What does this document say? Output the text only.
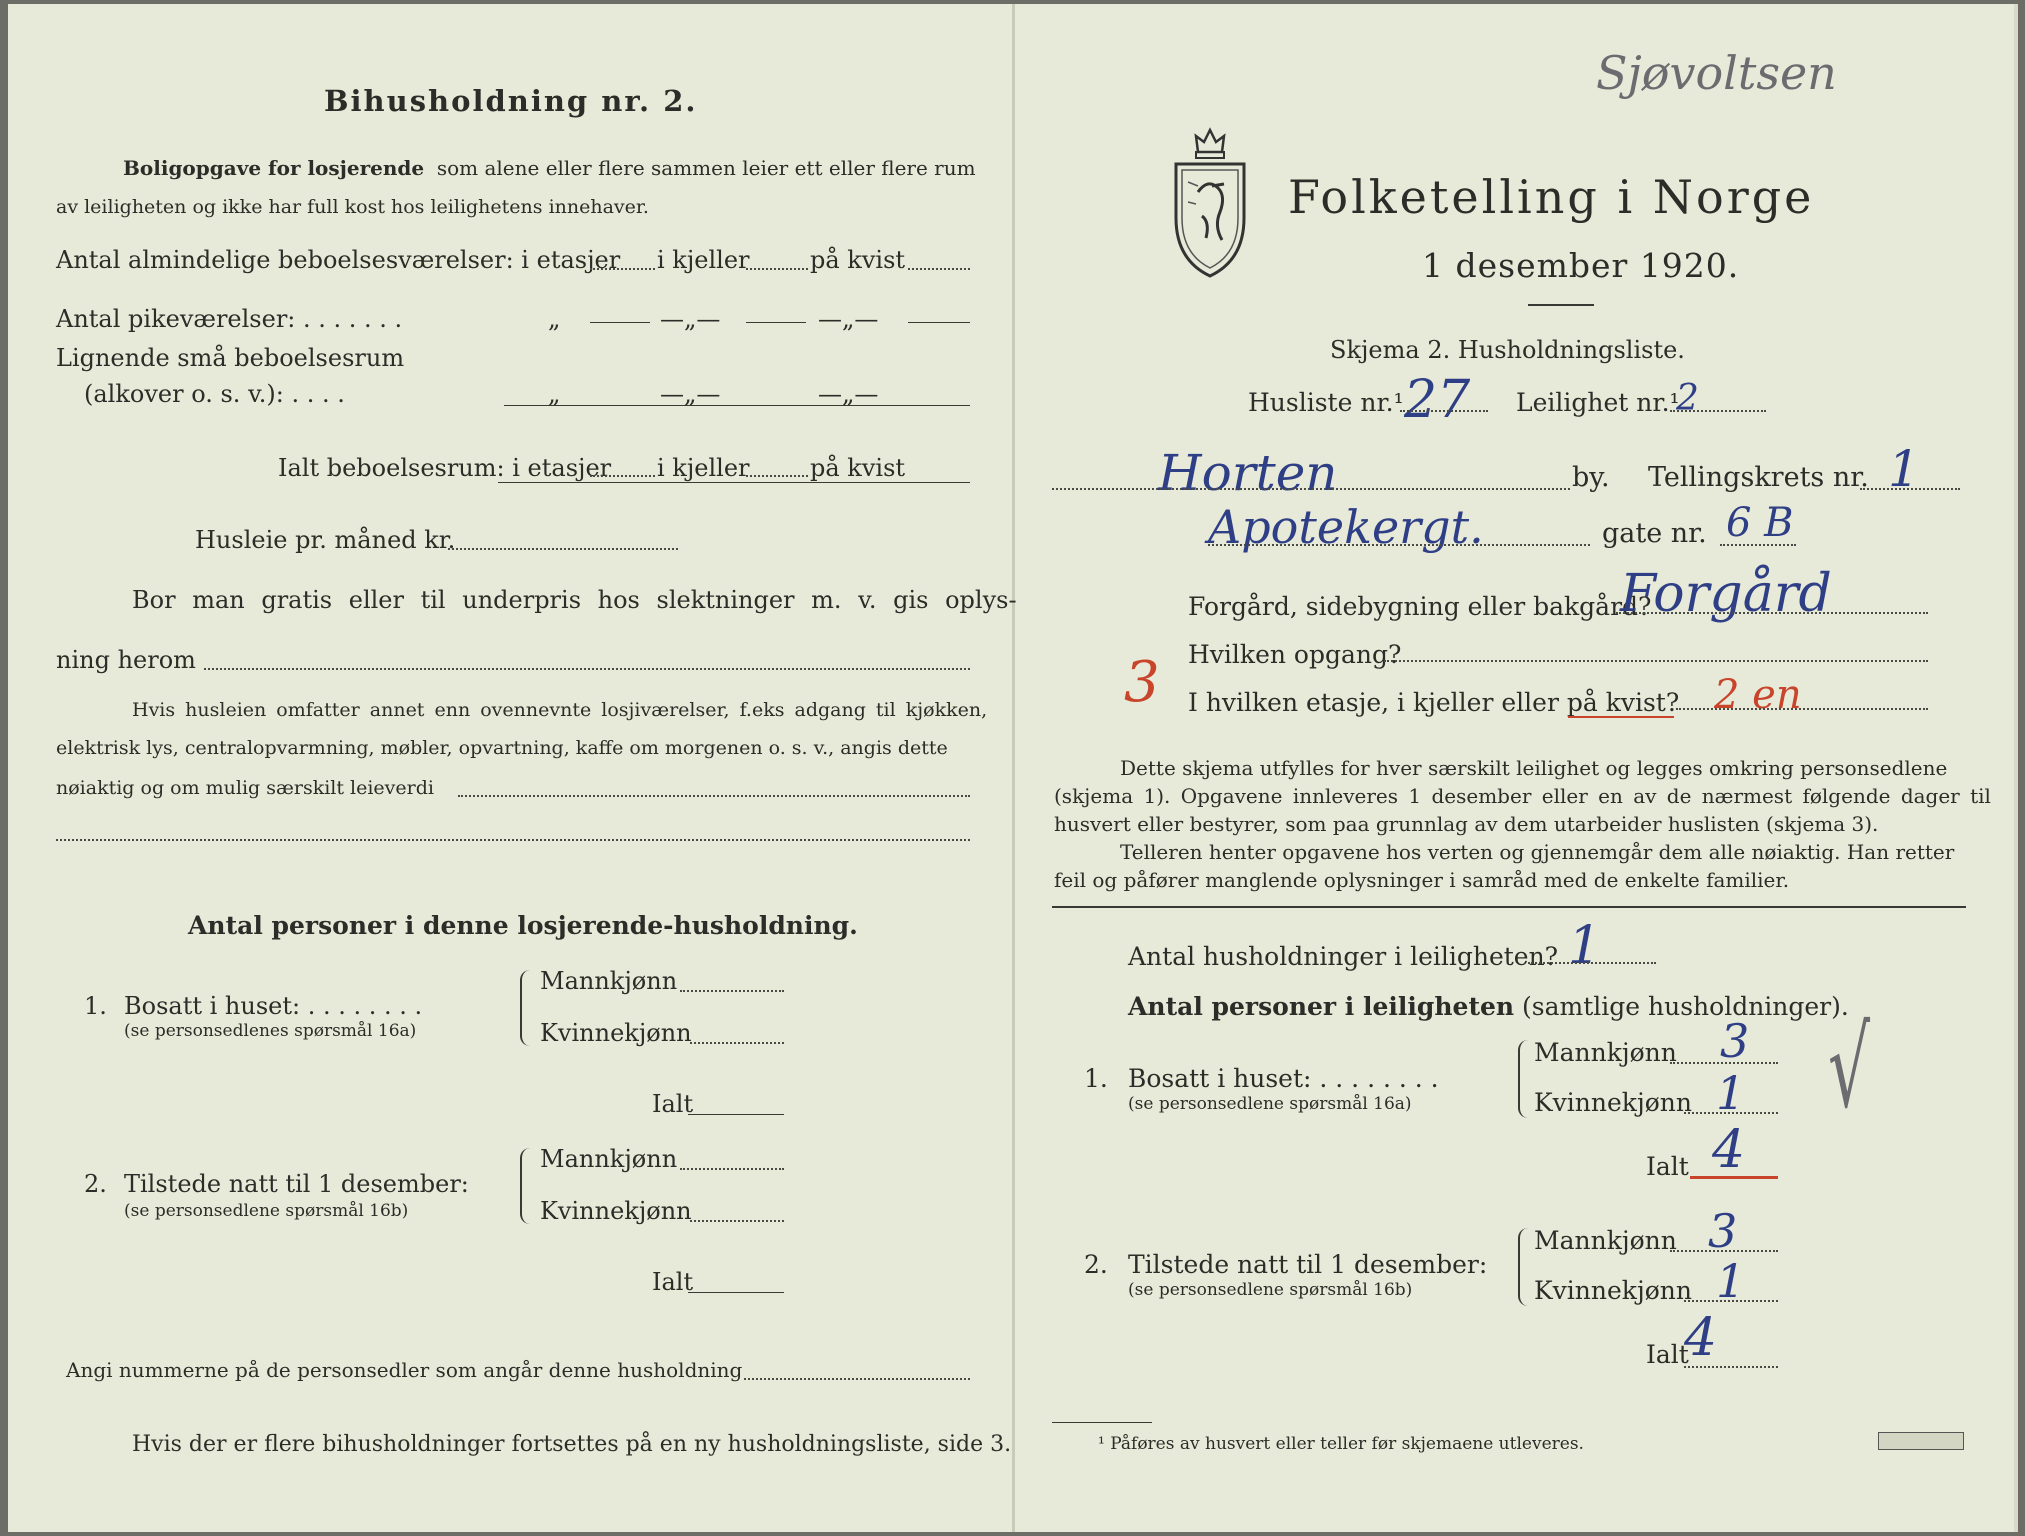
Bihusholdning nr. 2.
Boligopgave for losjerende som alene eller flere sammen leier ett eller flere rum
av leiligheten og ikke har full kost hos leilighetens innehaver.
Antal almindelige beboelsesværelser: i etasjer i kjeller	på kvist
Antal pikeværelser: . . . . . . .	„	—„—	—„—
Lignende små beboelsesrum
(alkover o. s. v.): . . . .	„	—„—	—„—
Ialt beboelsesrum: i etasjer i kjeller	på kvist
Husleie pr. måned kr.
Bor man gratis eller til underpris hos slektninger m. v. gis oplys-
ning herom
Hvis husleien omfatter annet enn ovennevnte losjiværelser, f.eks adgang til kjøkken,
elektrisk lys, centralopvarmning, møbler, opvartning, kaffe om morgenen o. s. v., angis dette
nøiaktig og om mulig særskilt leieverdi
Antal personer i denne losjerende-husholdning.
1. Bosatt i huset: . . . . . . . .
(se personsedlenes spørsmål 16a)
Mannkjønn
Kvinnekjønn
Ialt
2. Tilstede natt til 1 desember:
(se personsedlene spørsmål 16b)
Mannkjønn
Kvinnekjønn
Ialt
Angi nummerne på de personsedler som angår denne husholdning
Hvis der er flere bihusholdninger fortsettes på en ny husholdningsliste, side 3.
Sjøvoltsen
Folketelling i Norge
1 desember 1920.
Skjema 2. Husholdningsliste.
Husliste nr.¹ 27 Leilighet nr.¹
2
Horten	by. Tellingskrets nr. 1
Apotekergt.	gate nr. 6 B
Forgård, sidebygning eller bakgård?
Forgård
3 Hvilken opgang?
I hvilken etasje, i kjeller eller på kvist? 2 en
Dette skjema utfylles for hver særskilt leilighet og legges omkring personsedlene
(skjema 1). Opgavene innleveres 1 desember eller en av de nærmest følgende dager til
husvert eller bestyrer, som paa grunnlag av dem utarbeider huslisten (skjema 3).
Telleren henter opgavene hos verten og gjennemgår dem alle nøiaktig. Han retter
feil og påfører manglende oplysninger i samråd med de enkelte familier.
Antal husholdninger i leiligheten? 1
Antal personer i leiligheten (samtlige husholdninger).
1. Bosatt i huset: . . . . . . . .
(se personsedlene spørsmål 16a)
Mannkjønn 3
Kvinnekjønn 1
Ialt 4
√
2. Tilstede natt til 1 desember:
(se personsedlene spørsmål 16b)
Mannkjønn 3
Kvinnekjønn 1
Ialt
4
¹ Påføres av husvert eller teller før skjemaene utleveres.
